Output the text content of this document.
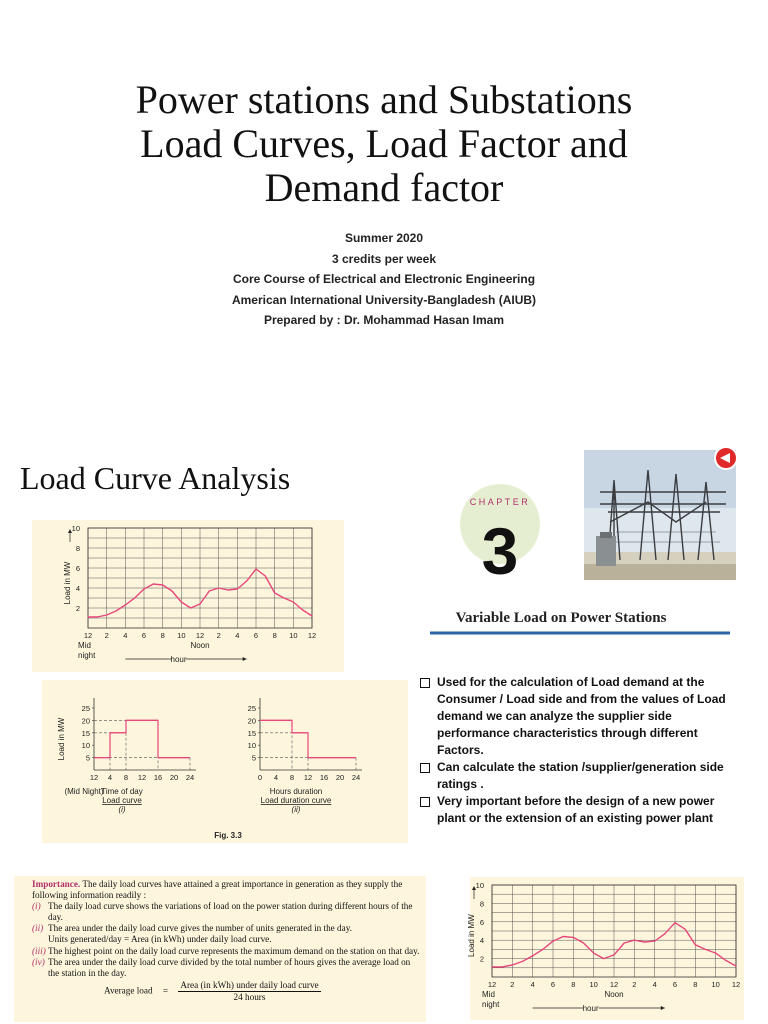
Power stations and Substations
Load Curves, Load Factor and
Demand factor
Summer 2020
3 credits per week
Core Course of Electrical and Electronic Engineering
American International University-Bangladesh (AIUB)
Prepared by : Dr. Mohammad Hasan Imam
Load Curve Analysis
2
4
6
8
10
12 2 4 6 8 10 12 2 4 6 8 10 12
Load in MW
Mid
night
Noon
hour
5
10
15
20
25
12 4 8 12 16 20 24
Load in MW
(Mid Night)
Time of day
Load curve
(i)
5
10
15
20
25
0 4 8 12 16 20 24
Hours duration
Load duration curve
(ii)
Fig. 3.3
CHAPTER
3
Variable Load on Power Stations
Used for the calculation of Load demand at the Consumer / Load side and from the values of Load demand we can analyze the supplier side performance characteristics through different Factors.
Can calculate the station /supplier/generation side ratings .
Very important before the design of a new power plant or the extension of an existing power plant

Importance. The daily load curves have attained a great importance in generation as they supply the following information readily :

(i) The daily load curve shows the variations of load on the power station during different hours of the day.

(ii) The area under the daily load curve gives the number of units generated in the day.

Units generated/day = Area (in kWh) under daily load curve.

(iii) The highest point on the daily load curve represents the maximum demand on the station on that day.

(iv) The area under the daily load curve divided by the total number of hours gives the average load on the station in the day.

Average load = $\frac{\text{Area (in kWh) under daily load curve}}{\text{24 hours}}$
2
4
6
8
10
12 2 4 6 8 10 12 2 4 6 8 10 12
Load in MW
Mid
night
Noon
hour
